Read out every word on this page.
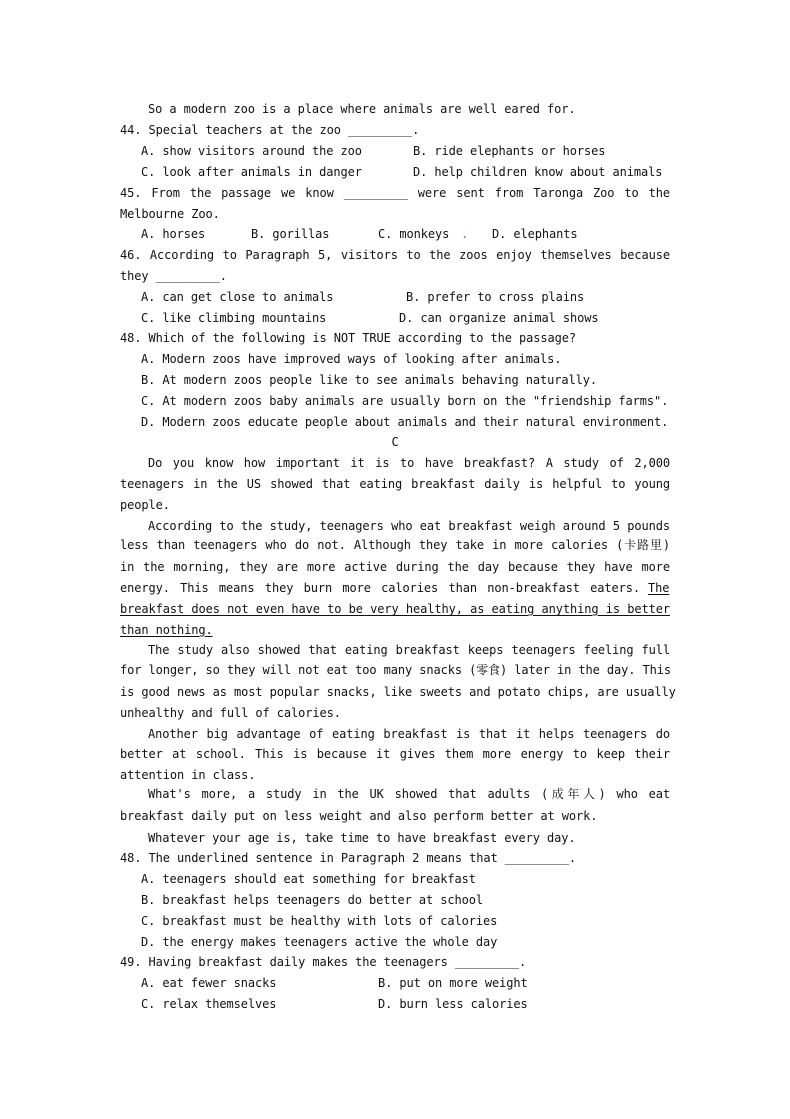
So a modern zoo is a place where animals are well eared for.
44. Special teachers at the zoo _________.

A. show visitors around the zoo

	B. ride elephants or horses

C. look after animals in danger

	D. help children know about animals

45. From the passage we know _________ were sent from Taronga Zoo to the
Melbourne Zoo.

A. horses

	B. gorillas

	C. monkeys

.

D. elephants

46. According to Paragraph 5, visitors to the zoos enjoy themselves because
they _________.

A. can get close to animals

	B. prefer to cross plains

C. like climbing mountains

	D. can organize animal shows

48. Which of the following is NOT TRUE according to the passage?
A. Modern zoos have improved ways of looking after animals.
B. At modern zoos people like to see animals behaving naturally.
C. At modern zoos baby animals are usually born on the "friendship farms".
D. Modern zoos educate people about animals and their natural environment.
C
Do you know how important it is to have breakfast? A study of 2,000
teenagers in the US showed that eating breakfast daily is helpful to young
people.
According to the study, teenagers who eat breakfast weigh around 5 pounds
less than teenagers who do not. Although they take in more calories (卡路里)
in the morning, they are more active during the day because they have more

energy. This means they burn more calories than non-breakfast eaters.

The

breakfast does not even have to be very healthy, as eating anything is better
than nothing.
The study also showed that eating breakfast keeps teenagers feeling full
for longer, so they will not eat too many snacks (零食) later in the day. This
is good news as most popular snacks, like sweets and potato chips, are usually
unhealthy and full of calories.
Another big advantage of eating breakfast is that it helps teenagers do
better at school. This is because it gives them more energy to keep their
attention in class.
What's more, a study in the UK showed that adults (成年人) who eat
breakfast daily put on less weight and also perform better at work.
Whatever your age is, take time to have breakfast every day.
48. The underlined sentence in Paragraph 2 means that _________.
A. teenagers should eat something for breakfast
B. breakfast helps teenagers do better at school
C. breakfast must be healthy with lots of calories
D. the energy makes teenagers active the whole day
49. Having breakfast daily makes the teenagers _________.

A. eat fewer snacks

	B. put on more weight

C. relax themselves

	D. burn less calories
